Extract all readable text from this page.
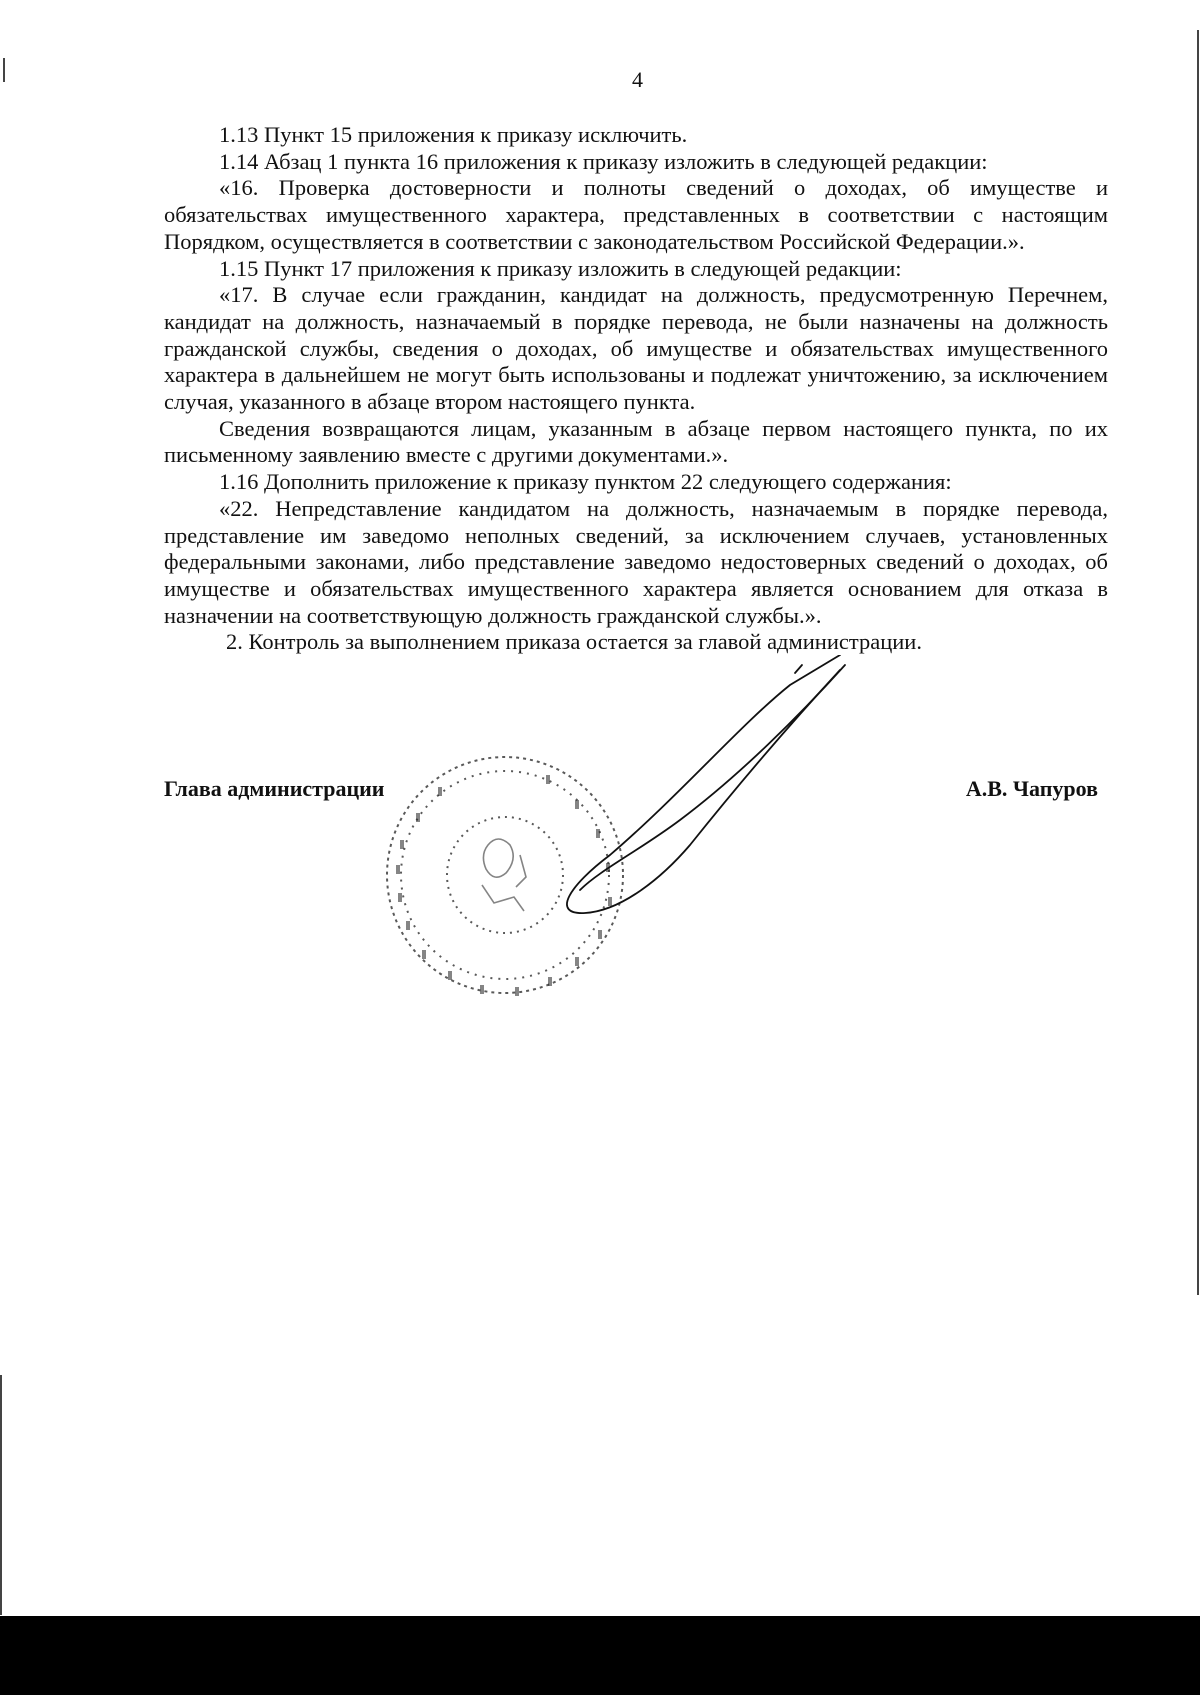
4

1.13 Пункт 15 приложения к приказу исключить.

1.14 Абзац 1 пункта 16 приложения к приказу изложить в следующей редакции:

«16. Проверка достоверности и полноты сведений о доходах, об имуществе и обязательствах имущественного характера, представленных в соответствии с настоящим Порядком, осуществляется в соответствии с законодательством Российской Федерации.».

1.15 Пункт 17 приложения к приказу изложить в следующей редакции:

«17. В случае если гражданин, кандидат на должность, предусмотренную Перечнем, кандидат на должность, назначаемый в порядке перевода, не были назначены на должность гражданской службы, сведения о доходах, об имуществе и обязательствах имущественного характера в дальнейшем не могут быть использованы и подлежат уничтожению, за исключением случая, указанного в абзаце втором настоящего пункта.

Сведения возвращаются лицам, указанным в абзаце первом настоящего пункта, по их письменному заявлению вместе с другими документами.».

1.16 Дополнить приложение к приказу пунктом 22 следующего содержания:

«22. Непредставление кандидатом на должность, назначаемым в порядке перевода, представление им заведомо неполных сведений, за исключением случаев, установленных федеральными законами, либо представление заведомо недостоверных сведений о доходах, об имуществе и обязательствах имущественного характера является основанием для отказа в назначении на соответствующую должность гражданской службы.».

2. Контроль за выполнением приказа остается за главой администрации.

Глава администрации	А.В. Чапуров
